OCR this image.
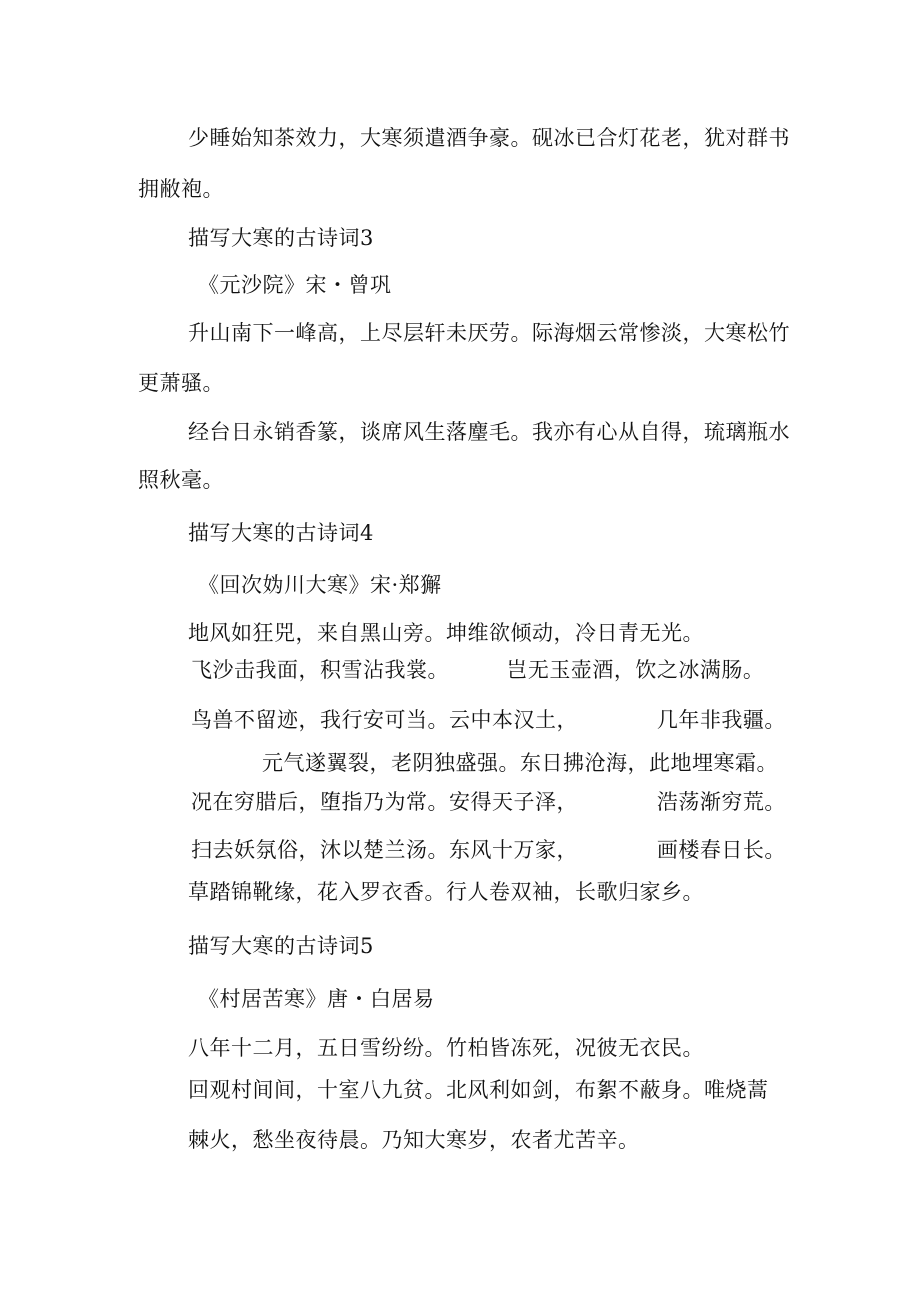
少睡始知茶效力，大寒须遣酒争豪。砚冰已合灯花老，犹对群书
拥敝袍。
描写大寒的古诗词3
《元沙院》宋・曾巩
升山南下一峰高，上尽层轩未厌劳。际海烟云常惨淡，大寒松竹
更萧骚。
经台日永销香篆，谈席风生落麈毛。我亦有心从自得，琉璃瓶水
照秋毫。
描写大寒的古诗词4
《回次妫川大寒》宋·郑獬
地风如狂兕，来自黑山旁。坤维欲倾动，冷日青无光。
飞沙击我面，积雪沾我裳。        岂无玉壶酒，饮之冰满肠。
鸟兽不留迹，我行安可当。云中本汉土，           几年非我疆。
元气遂翼裂，老阴独盛强。东日拂沧海，此地埋寒霜。
况在穷腊后，堕指乃为常。安得天子泽，           浩荡渐穷荒。
扫去妖氛俗，沐以楚兰汤。东风十万家，           画楼春日长。
草踏锦靴缘，花入罗衣香。行人卷双袖，长歌归家乡。
描写大寒的古诗词5
《村居苦寒》唐・白居易
八年十二月，五日雪纷纷。竹柏皆冻死，况彼无衣民。
回观村间间，十室八九贫。北风利如剑，布絮不蔽身。唯烧蒿
棘火，愁坐夜待晨。乃知大寒岁，农者尤苦辛。
